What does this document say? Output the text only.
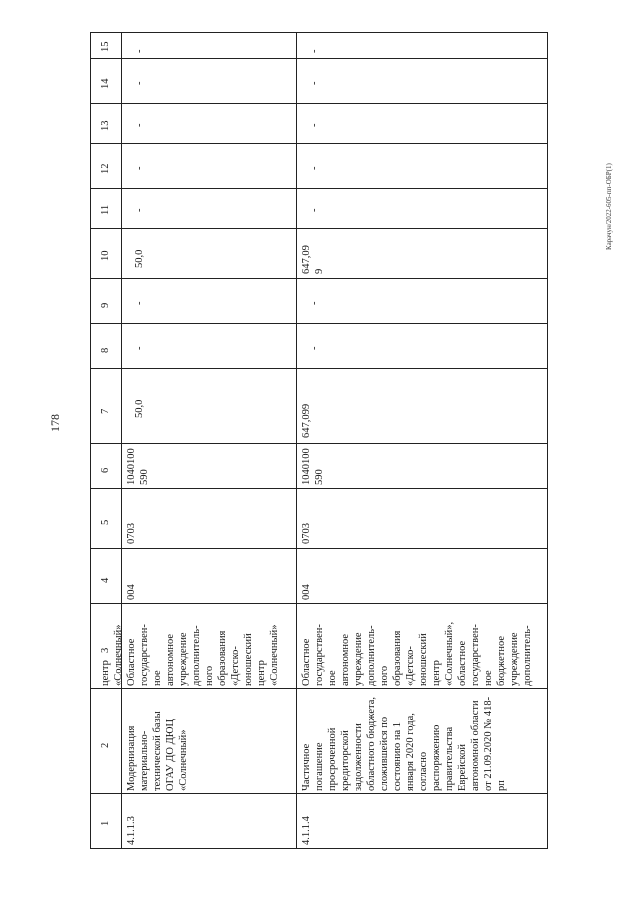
178
Карачун/2022-605-пп-ОБР(1)
15
14
13
12
11
10
9
8
7
6
5
4
3
2
1
центр
«Солнечный»
-
-
-
-
-
50,0
-
-
50,0
1040100
590
0703
004
Областное
государствен-
ное
автономное
учреждение
дополнитель-
ного
образования
«Детско-
юношеский
центр
«Солнечный»
Модернизация
материально-
технической базы
ОГАУ ДО ДЮЦ
«Солнечный»
4.1.1.3
-
-
-
-
-
647,09
9
-
-
647,099
1040100
590
0703
004
Областное
государствен-
ное
автономное
учреждение
дополнитель-
ного
образования
«Детско-
юношеский
центр
«Солнечный»,
областное
государствен-
ное
бюджетное
учреждение
дополнитель-
Частичное
погашение
просроченной
кредиторской
задолженности
областного бюджета,
сложившейся по
состоянию на 1
января 2020 года,
согласно
распоряжению
правительства
Еврейской
автономной области
от 21.09.2020 № 418-
рп
4.1.1.4
